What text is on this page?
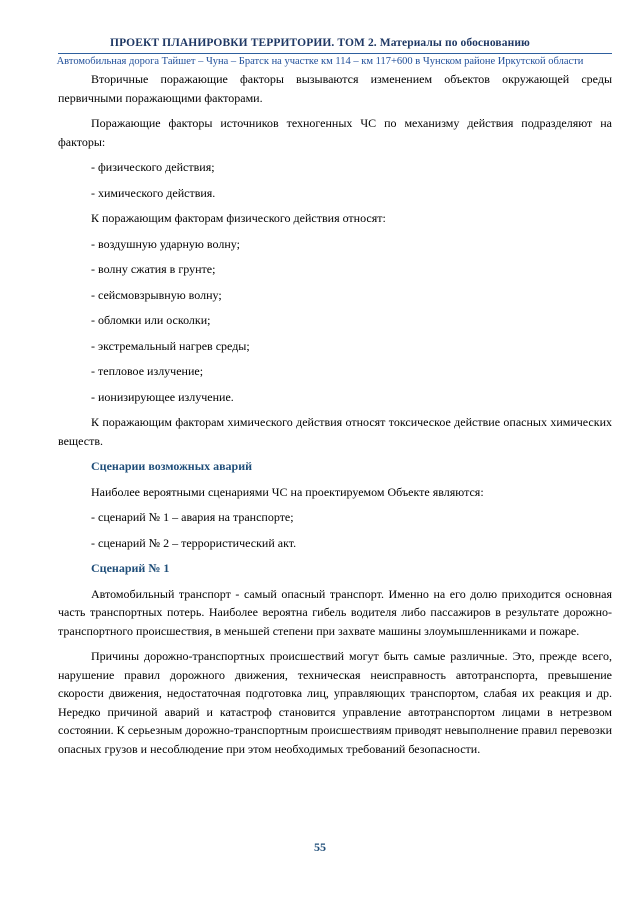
ПРОЕКТ ПЛАНИРОВКИ ТЕРРИТОРИИ. ТОМ 2. Материалы по обоснованию
Автомобильная дорога Тайшет – Чуна – Братск на участке км 114 – км 117+600 в Чунском районе Иркутской области

Вторичные поражающие факторы вызываются изменением объектов окружающей среды первичными поражающими факторами.

Поражающие факторы источников техногенных ЧС по механизму действия подразделяют на факторы:

- физического действия;

- химического действия.

К поражающим факторам физического действия относят:

- воздушную ударную волну;

- волну сжатия в грунте;

- сейсмовзрывную волну;

- обломки или осколки;

- экстремальный нагрев среды;

- тепловое излучение;

- ионизирующее излучение.

К поражающим факторам химического действия относят токсическое действие опасных химических веществ.

Сценарии возможных аварий

Наиболее вероятными сценариями ЧС на проектируемом Объекте являются:

- сценарий № 1 – авария на транспорте;

- сценарий № 2 – террористический акт.

Сценарий № 1

Автомобильный транспорт - самый опасный транспорт. Именно на его долю приходится основная часть транспортных потерь. Наиболее вероятна гибель водителя либо пассажиров в результате дорожно-транспортного происшествия, в меньшей степени при захвате машины злоумышленниками и пожаре.

Причины дорожно-транспортных происшествий могут быть самые различные. Это, прежде всего, нарушение правил дорожного движения, техническая неисправность автотранспорта, превышение скорости движения, недостаточная подготовка лиц, управляющих транспортом, слабая их реакция и др. Нередко причиной аварий и катастроф становится управление автотранспортом лицами в нетрезвом состоянии. К серьезным дорожно-транспортным происшествиям приводят невыполнение правил перевозки опасных грузов и несоблюдение при этом необходимых требований безопасности.

55
